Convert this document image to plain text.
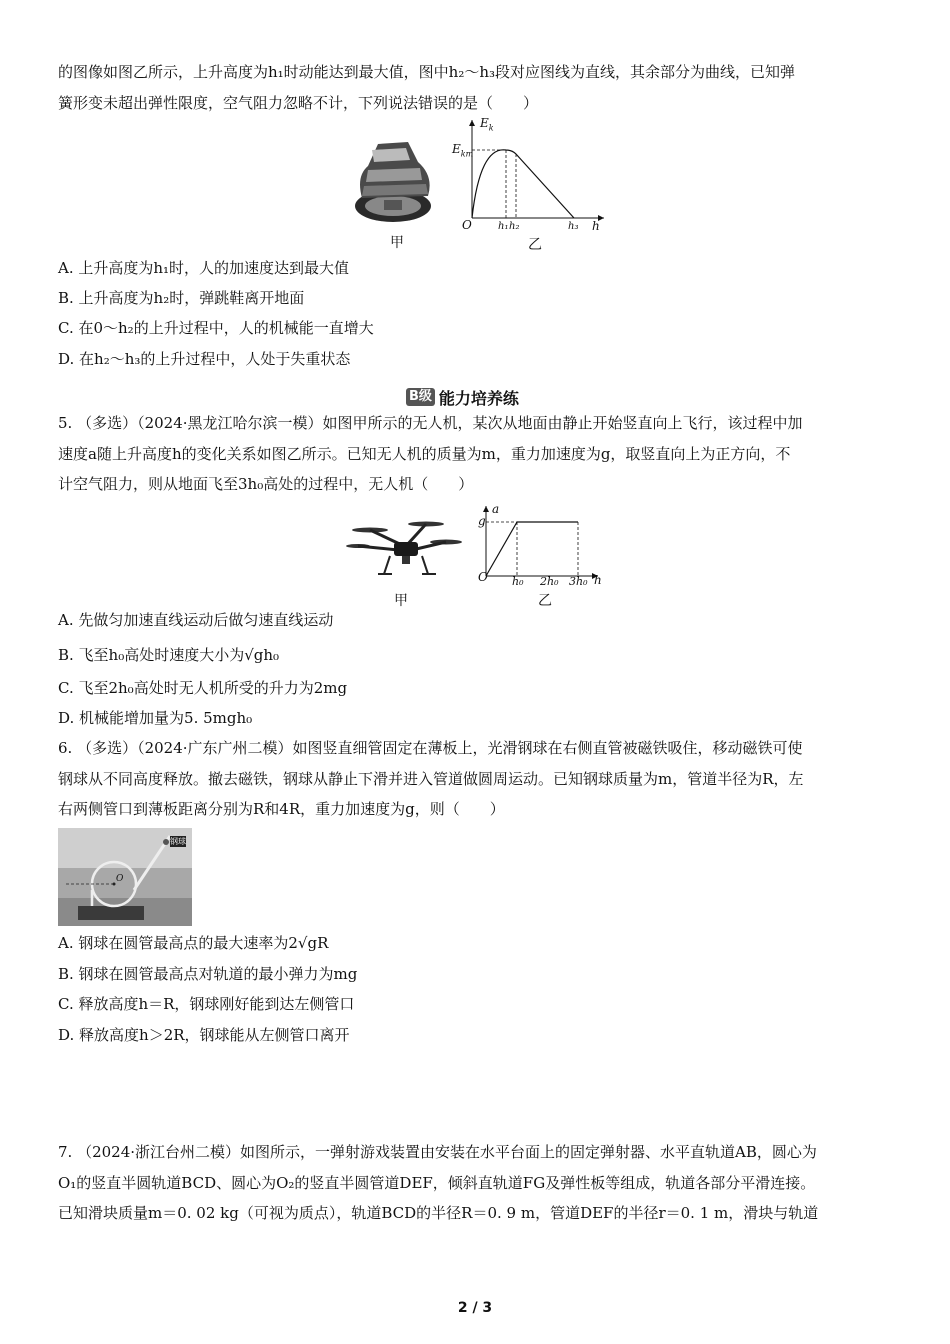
的图像如图乙所示，上升高度为h₁时动能达到最大值，图中h₂～h₃段对应图线为直线，其余部分为曲线，已知弹
簧形变未超出弹性限度，空气阻力忽略不计，下列说法错误的是（　　）
甲
$E_k$
$E_{km}$
O	h₁ h₂	h₃ h
乙
A. 上升高度为h₁时，人的加速度达到最大值
B. 上升高度为h₂时，弹跳鞋离开地面
C. 在0～h₂的上升过程中，人的机械能一直增大
D. 在h₂～h₃的上升过程中，人处于失重状态
B级 能力培养练
5. （多选）（2024·黑龙江哈尔滨一模）如图甲所示的无人机，某次从地面由静止开始竖直向上飞行，该过程中加
速度a随上升高度h的变化关系如图乙所示。已知无人机的质量为m，重力加速度为g，取竖直向上为正方向，不
计空气阻力，则从地面飞至3h₀高处的过程中，无人机（　　）
甲
a
g
O h₀ 2h₀ 3h₀ h
乙
A. 先做匀加速直线运动后做匀速直线运动
B. 飞至h₀高处时速度大小为√gh₀
C. 飞至2h₀高处时无人机所受的升力为2mg
D. 机械能增加量为5. 5mgh₀
6. （多选）（2024·广东广州二模）如图竖直细管固定在薄板上，光滑钢球在右侧直管被磁铁吸住，移动磁铁可使
钢球从不同高度释放。撤去磁铁，钢球从静止下滑并进入管道做圆周运动。已知钢球质量为m，管道半径为R，左
右两侧管口到薄板距离分别为R和4R，重力加速度为g，则（　　）
O
钢球
A. 钢球在圆管最高点的最大速率为2√gR
B. 钢球在圆管最高点对轨道的最小弹力为mg
C. 释放高度h＝R，钢球刚好能到达左侧管口
D. 释放高度h＞2R，钢球能从左侧管口离开
7. （2024·浙江台州二模）如图所示，一弹射游戏装置由安装在水平台面上的固定弹射器、水平直轨道AB，圆心为
O₁的竖直半圆轨道BCD、圆心为O₂的竖直半圆管道DEF，倾斜直轨道FG及弹性板等组成，轨道各部分平滑连接。
已知滑块质量m＝0. 02 kg（可视为质点），轨道BCD的半径R＝0. 9 m，管道DEF的半径r＝0. 1 m，滑块与轨道
2 / 3
